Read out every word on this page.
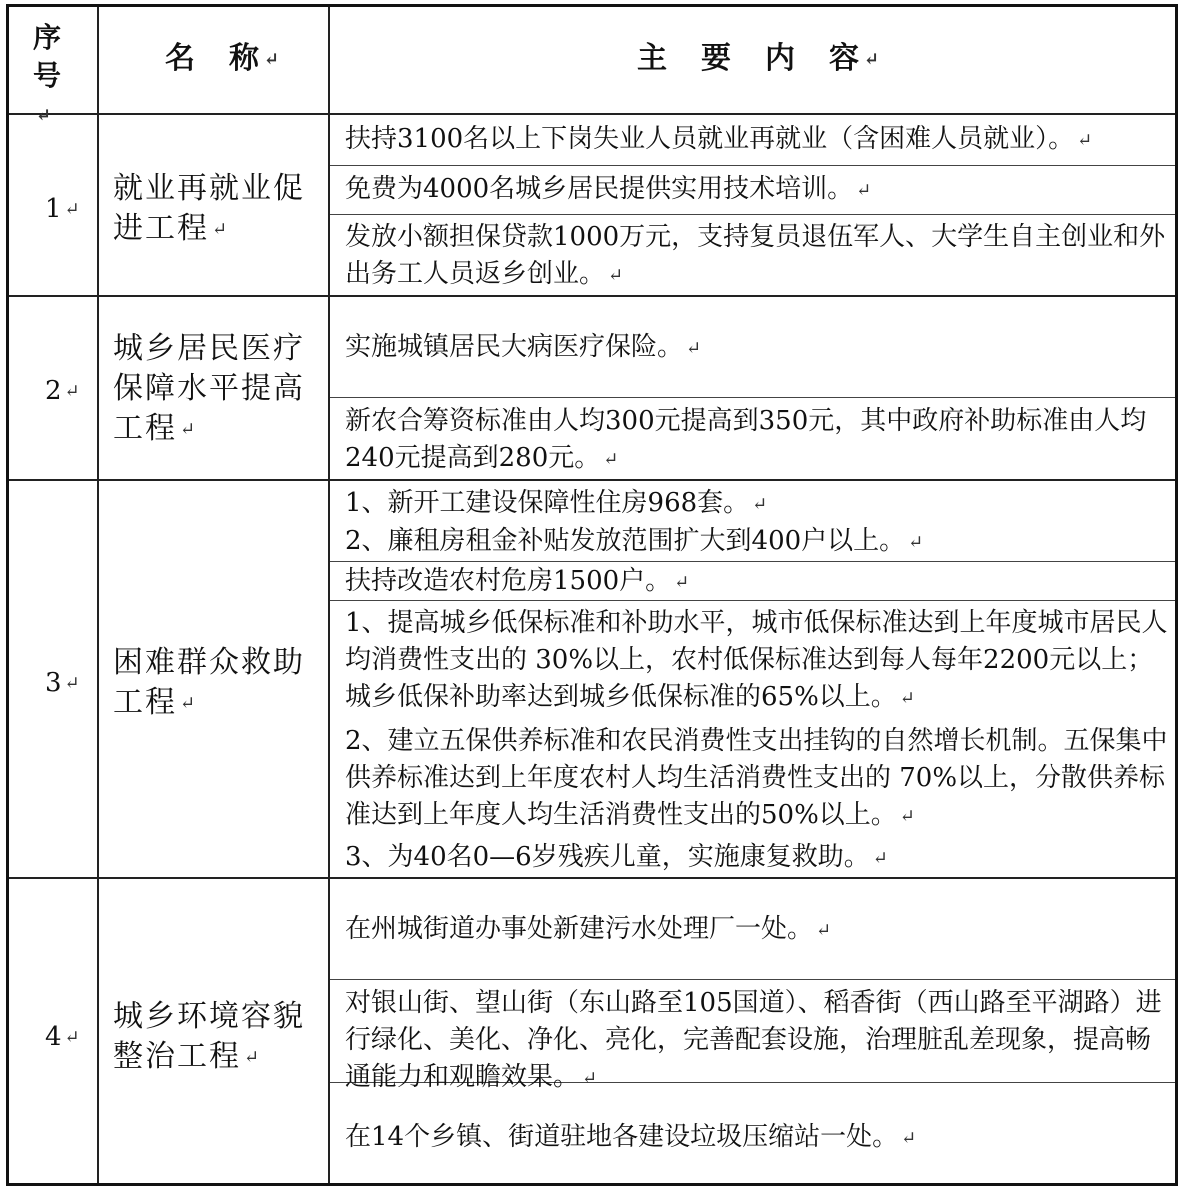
序号↵
名　称 ↵	主　要　内　容 ↵
1 ↵
就业再就业促进工程 ↵
扶持3100名以上下岗失业人员就业再就业（含困难人员就业）。 ↵
免费为4000名城乡居民提供实用技术培训。 ↵
发放小额担保贷款1000万元，支持复员退伍军人、大学生自主创业和外出务工人员返乡创业。 ↵
2 ↵
城乡居民医疗保障水平提高工程 ↵
实施城镇居民大病医疗保险。 ↵
新农合筹资标准由人均300元提高到350元，其中政府补助标准由人均240元提高到280元。 ↵
3 ↵
困难群众救助工程 ↵
1、新开工建设保障性住房968套。 ↵
2、廉租房租金补贴发放范围扩大到400户以上。 ↵
扶持改造农村危房1500户。 ↵
1、提高城乡低保标准和补助水平，城市低保标准达到上年度城市居民人均消费性支出的 30%以上，农村低保标准达到每人每年2200元以上；城乡低保补助率达到城乡低保标准的65%以上。 ↵
2、建立五保供养标准和农民消费性支出挂钩的自然增长机制。五保集中供养标准达到上年度农村人均生活消费性支出的 70%以上，分散供养标准达到上年度人均生活消费性支出的50%以上。 ↵
3、为40名0—6岁残疾儿童，实施康复救助。 ↵
4 ↵
城乡环境容貌整治工程 ↵
在州城街道办事处新建污水处理厂一处。 ↵
对银山街、望山街（东山路至105国道）、稻香街（西山路至平湖路）进行绿化、美化、净化、亮化，完善配套设施，治理脏乱差现象，提高畅通能力和观瞻效果。 ↵
在14个乡镇、街道驻地各建设垃圾压缩站一处。 ↵
